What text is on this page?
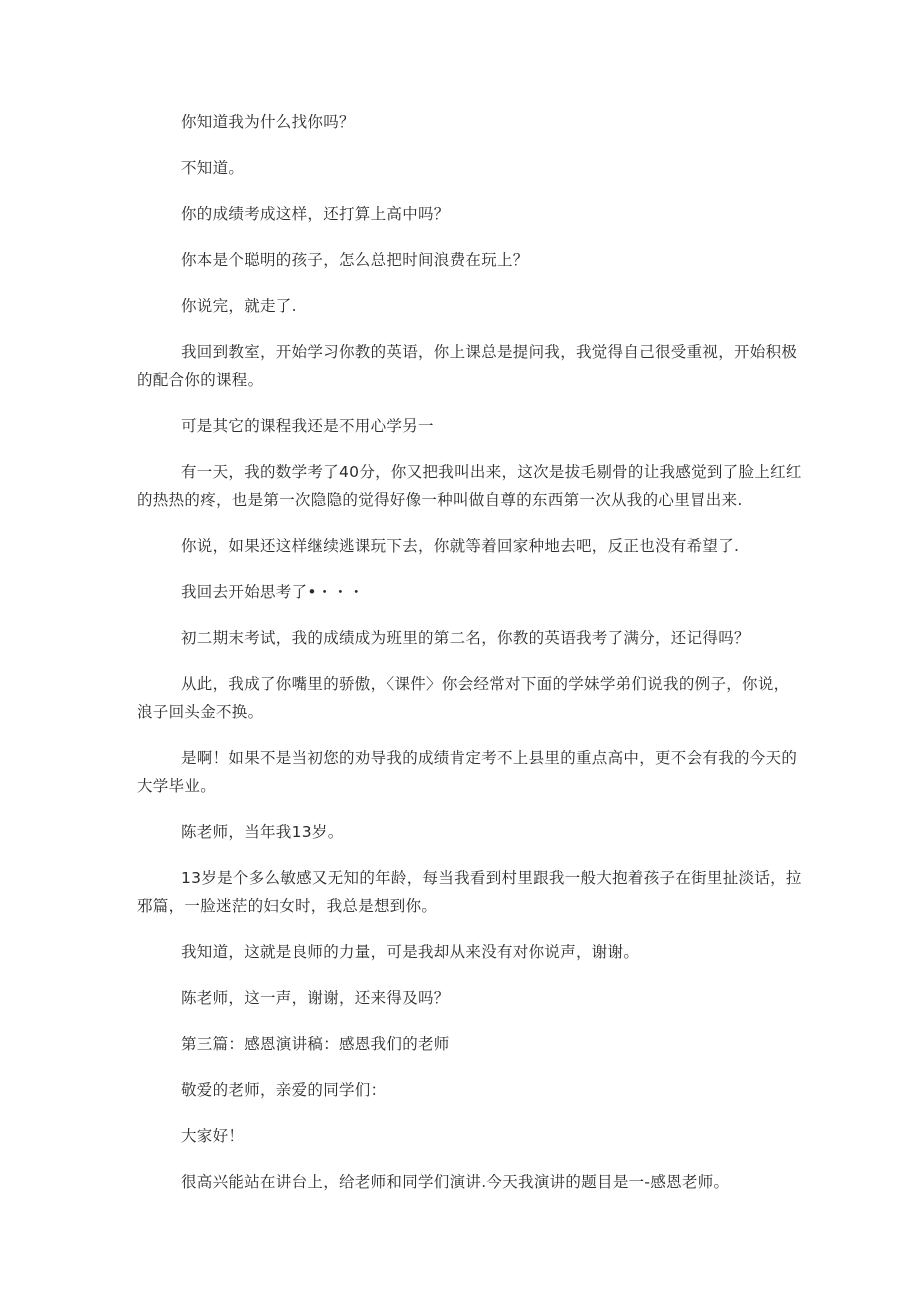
你知道我为什么找你吗？

不知道。

你的成绩考成这样，还打算上高中吗？

你本是个聪明的孩子，怎么总把时间浪费在玩上？

你说完，就走了.

我回到教室，开始学习你教的英语，你上课总是提问我，我觉得自己很受重视，开始积极的配合你的课程。

可是其它的课程我还是不用心学另一

有一天，我的数学考了40分，你又把我叫出来，这次是拔毛剔骨的让我感觉到了脸上红红的热热的疼，也是第一次隐隐的觉得好像一种叫做自尊的东西第一次从我的心里冒出来.

你说，如果还这样继续逃课玩下去，你就等着回家种地去吧，反正也没有希望了.

我回去开始思考了•・・・

初二期末考试，我的成绩成为班里的第二名，你教的英语我考了满分，还记得吗？

从此，我成了你嘴里的骄傲，〈课件〉你会经常对下面的学妹学弟们说我的例子，你说，浪子回头金不换。

是啊！如果不是当初您的劝导我的成绩肯定考不上县里的重点高中，更不会有我的今天的大学毕业。

陈老师，当年我13岁。

13岁是个多么敏感又无知的年龄，每当我看到村里跟我一般大抱着孩子在街里扯淡话，拉邪篇，一脸迷茫的妇女时，我总是想到你。

我知道，这就是良师的力量，可是我却从来没有对你说声，谢谢。

陈老师，这一声，谢谢，还来得及吗？

第三篇：感恩演讲稿：感恩我们的老师

敬爱的老师，亲爱的同学们：

大家好！

很高兴能站在讲台上，给老师和同学们演讲.今天我演讲的题目是一-感恩老师。
